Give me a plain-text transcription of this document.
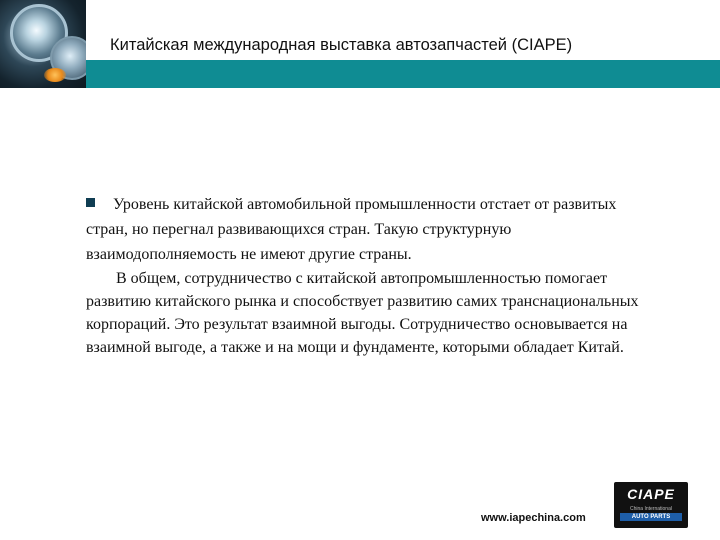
Китайская международная выставка автозапчастей (CIAPE)

Уровень китайской автомобильной промышленности отстает от развитых стран, но перегнал развивающихся стран. Такую структурную взаимодополняемость не имеют другие страны.

В общем, сотрудничество с китайской автопромышленностью помогает развитию китайского рынка и способствует развитию самих транснациональных корпораций. Это результат взаимной выгоды. Сотрудничество основывается на взаимной выгоде, а также и на мощи и фундаменте, которыми обладает Китай.

www.iapechina.com
CIAPE
China International
AUTO PARTS
